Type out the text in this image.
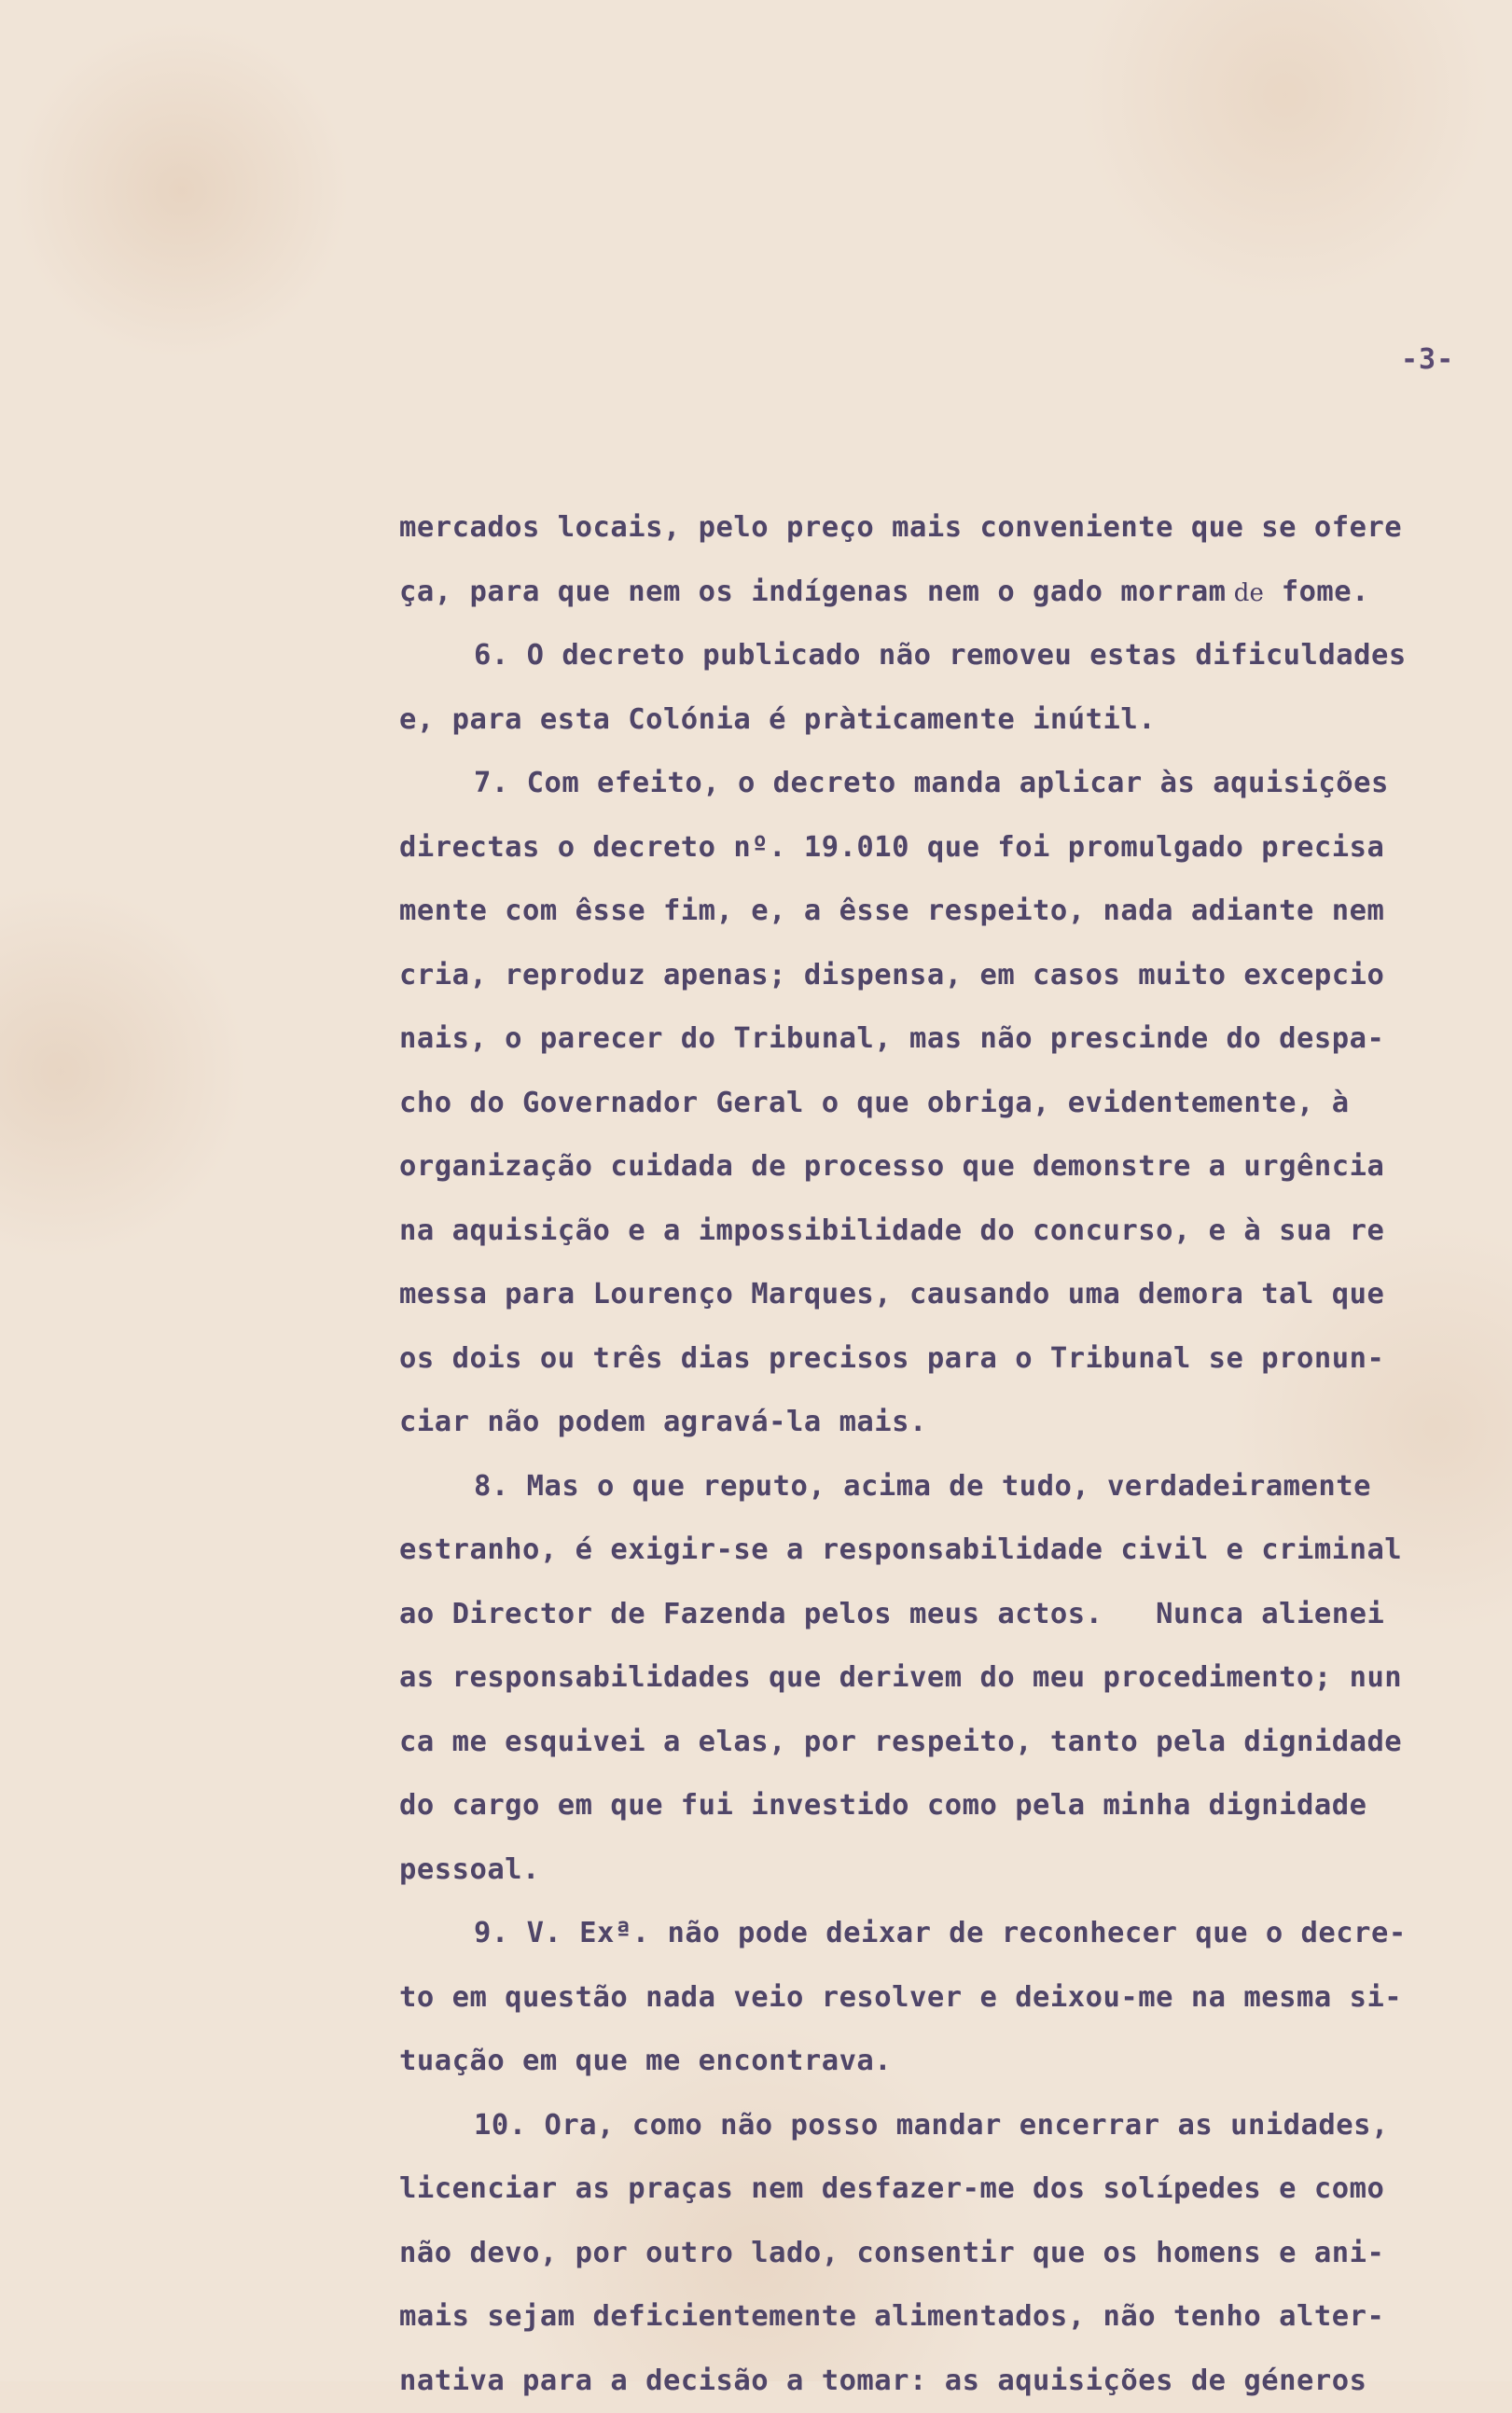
-3-
mercados locais, pelo preço mais conveniente que se ofere
ça, para que nem os indígenas nem o gado morram de fome.
6. O decreto publicado não removeu estas dificuldades
e, para esta Colónia é pràticamente inútil.
7. Com efeito, o decreto manda aplicar às aquisições
directas o decreto nº. 19.010 que foi promulgado precisa
mente com êsse fim, e, a êsse respeito, nada adiante nem
cria, reproduz apenas; dispensa, em casos muito excepcio
nais, o parecer do Tribunal, mas não prescinde do despa-
cho do Governador Geral o que obriga, evidentemente, à
organização cuidada de processo que demonstre a urgência
na aquisição e a impossibilidade do concurso, e à sua re
messa para Lourenço Marques, causando uma demora tal que
os dois ou três dias precisos para o Tribunal se pronun-
ciar não podem agravá-la mais.
8. Mas o que reputo, acima de tudo, verdadeiramente
estranho, é exigir-se a responsabilidade civil e criminal
ao Director de Fazenda pelos meus actos.   Nunca alienei
as responsabilidades que derivem do meu procedimento; nun
ca me esquivei a elas, por respeito, tanto pela dignidade
do cargo em que fui investido como pela minha dignidade
pessoal.
9. V. Exª. não pode deixar de reconhecer que o decre-
to em questão nada veio resolver e deixou-me na mesma si-
tuação em que me encontrava.
10. Ora, como não posso mandar encerrar as unidades,
licenciar as praças nem desfazer-me dos solípedes e como
não devo, por outro lado, consentir que os homens e ani-
mais sejam deficientemente alimentados, não tenho alter-
nativa para a decisão a tomar: as aquisições de géneros
